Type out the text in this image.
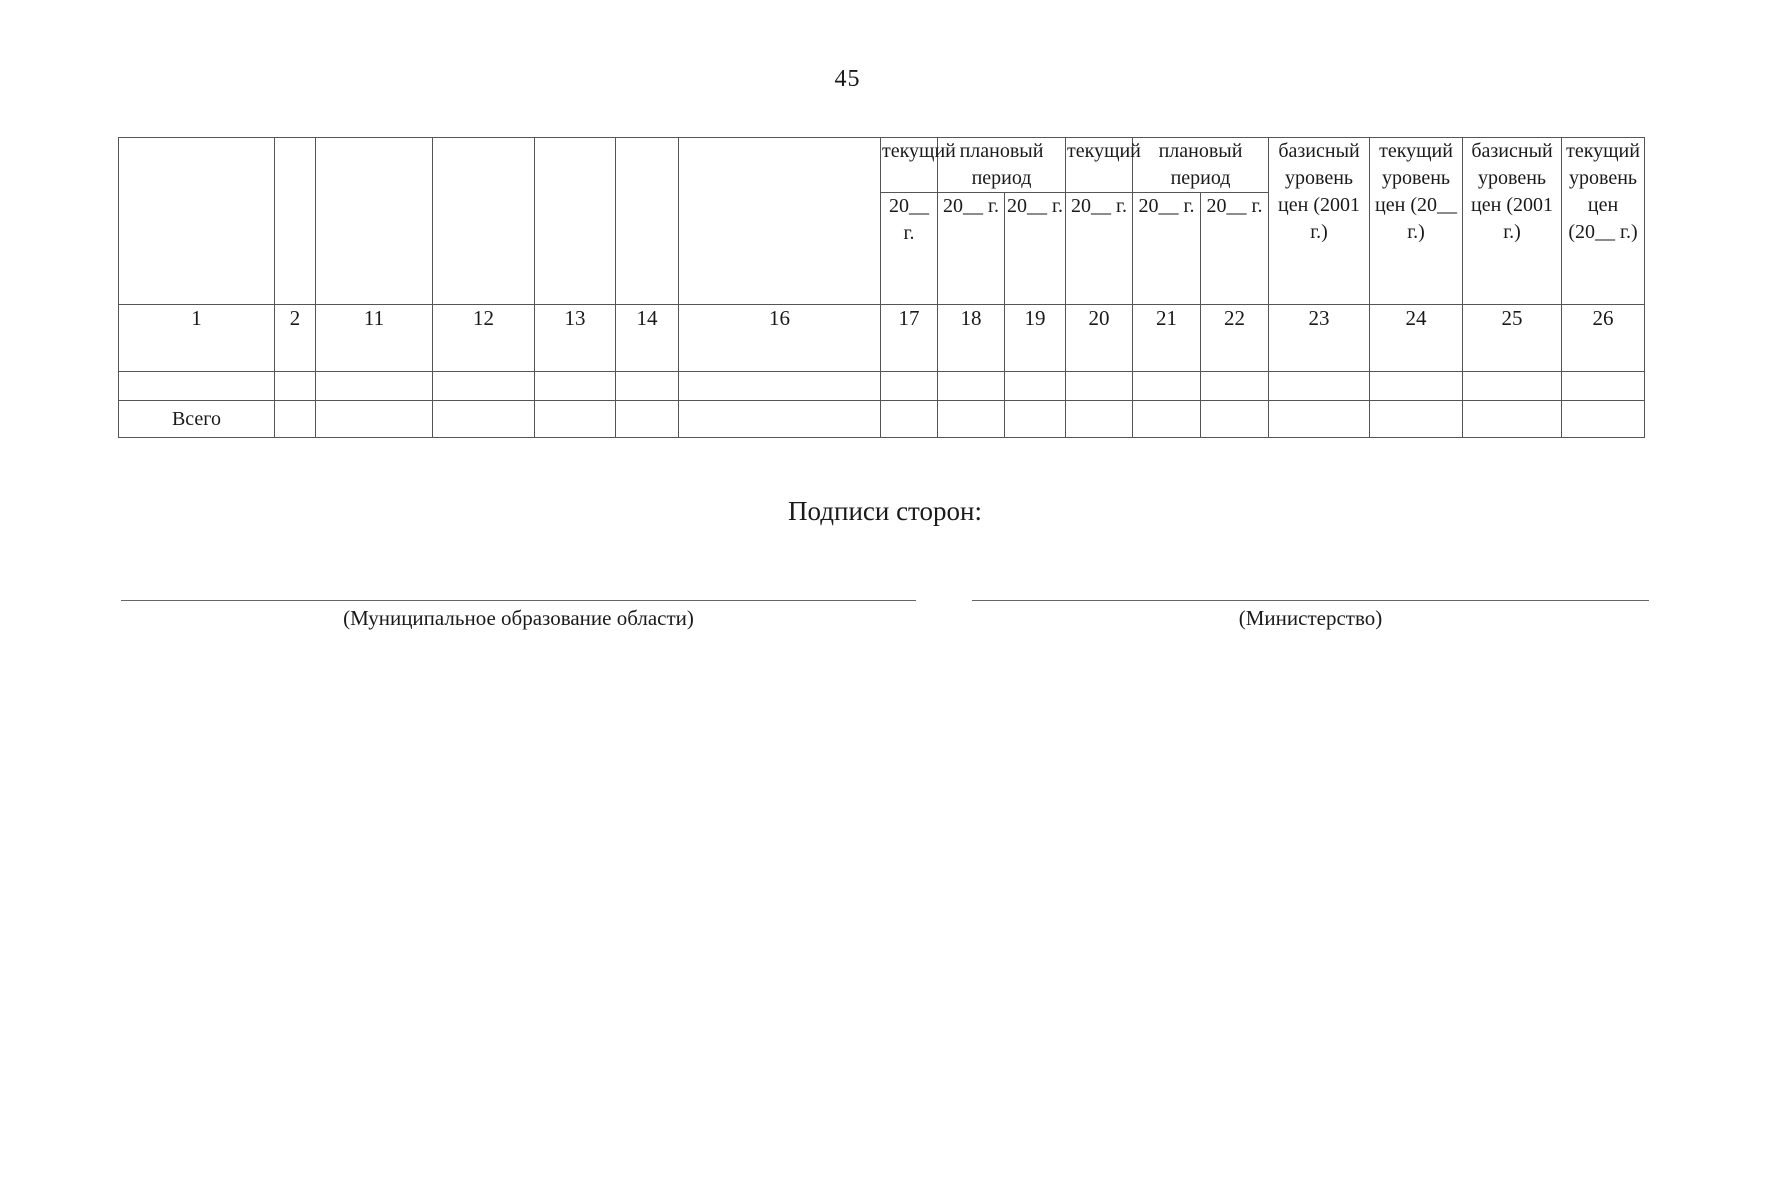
45
							текущий	плановый период		текущий	плановый период		базисный уровень цен (2001 г.)	текущий уровень цен (20__ г.)	базисный уровень цен (2001 г.)	текущий уровень цен (20__ г.)
							20__ г.	20__ г.	20__ г.	20__ г.	20__ г.	20__ г.				
1	2	11	12	13	14	16	17	18	19	20	21	22	23	24	25	26

Всего																
Подписи сторон:
(Муниципальное образование области)	(Министерство)
